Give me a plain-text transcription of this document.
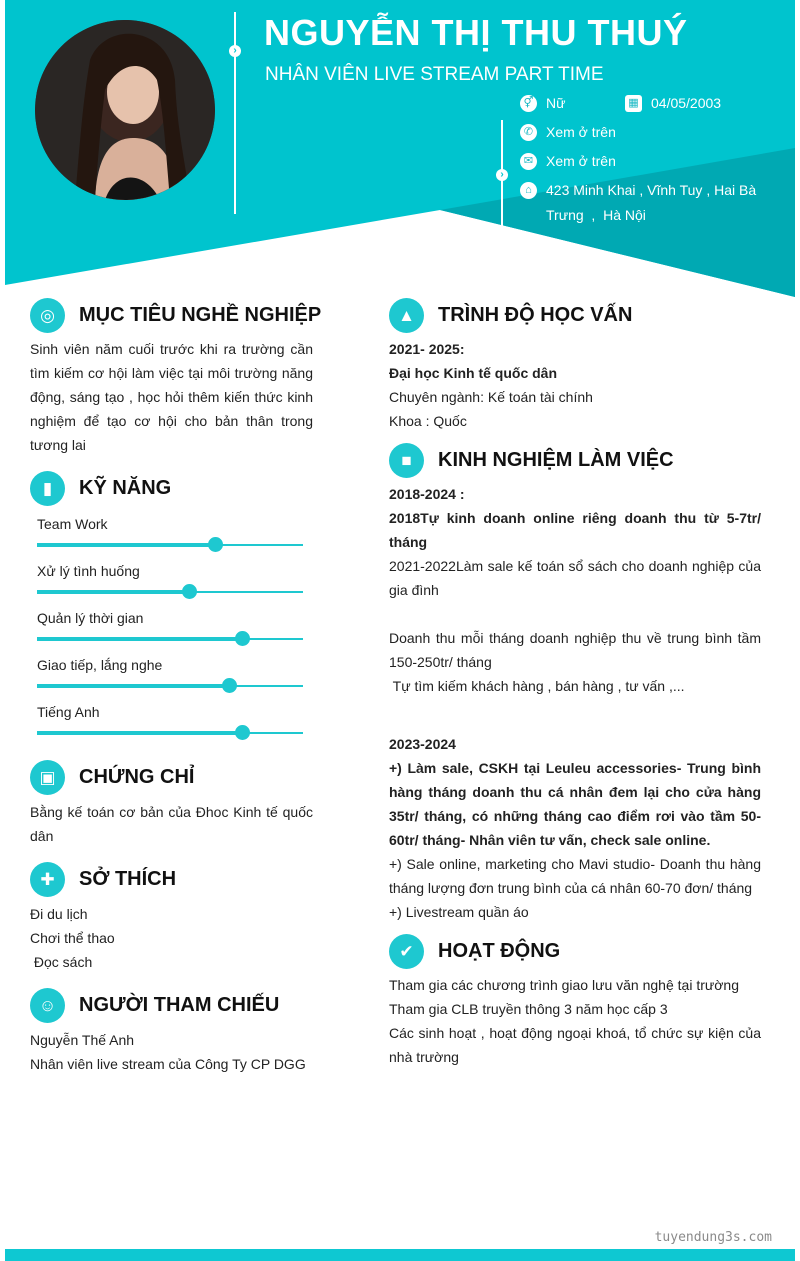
› NGUYỄN THỊ THU THUÝ
NHÂN VIÊN LIVE STREAM PART TIME
›
⚥ Nữ	▦ 04/05/2003
✆ Xem ở trên
✉ Xem ở trên
⌂	423 Minh Khai , Vĩnh Tuy , Hai Bà
Trưng  ,  Hà Nội
◎	MỤC TIÊU NGHỀ NGHIỆP
Sinh viên năm cuối trước khi ra trường cần tìm kiếm cơ hội làm việc tại môi trường năng động, sáng tạo , học hỏi thêm kiến thức kinh nghiệm để tạo cơ hội cho bản thân trong tương lai
▮	KỸ NĂNG
Team Work
Xử lý tình huống
Quản lý thời gian
Giao tiếp, lắng nghe
Tiếng Anh
▣	CHỨNG CHỈ
Bằng kế toán cơ bản của Đhoc Kinh tế quốc dân
✚	SỞ THÍCH
Đi du lịch
Chơi thể thao
Đọc sách
☺	NGƯỜI THAM CHIẾU
Nguyễn Thế Anh
Nhân viên live stream của Công Ty CP DGG
▲	TRÌNH ĐỘ HỌC VẤN
2021- 2025:
Đại học Kinh tế quốc dân
Chuyên ngành: Kế toán tài chính
Khoa : Quốc
■	KINH NGHIỆM LÀM VIỆC
2018-2024 :
2018Tự kinh doanh online riêng doanh thu từ 5-7tr/ tháng
2021-2022Làm sale kế toán sổ sách cho doanh nghiệp của gia đình
Doanh thu mỗi tháng doanh nghiệp thu về trung bình tầm 150-250tr/ tháng
Tự tìm kiếm khách hàng , bán hàng , tư vấn ,...
2023-2024
+) Làm sale, CSKH tại Leuleu accessories- Trung bình hàng tháng doanh thu cá nhân đem lại cho cửa hàng 35tr/ tháng, có những tháng cao điểm rơi vào tầm 50-60tr/ tháng- Nhân viên tư vấn, check sale online.
+) Sale online, marketing cho Mavi studio- Doanh thu hàng tháng lượng đơn trung bình của cá nhân 60-70 đơn/ tháng
+) Livestream quần áo
✔	HOẠT ĐỘNG
Tham gia các chương trình giao lưu văn nghệ tại trường
Tham gia CLB truyền thông 3 năm học cấp 3
Các sinh hoạt , hoạt động ngoại khoá, tổ chức sự kiện của nhà trường
tuyendung3s.com
